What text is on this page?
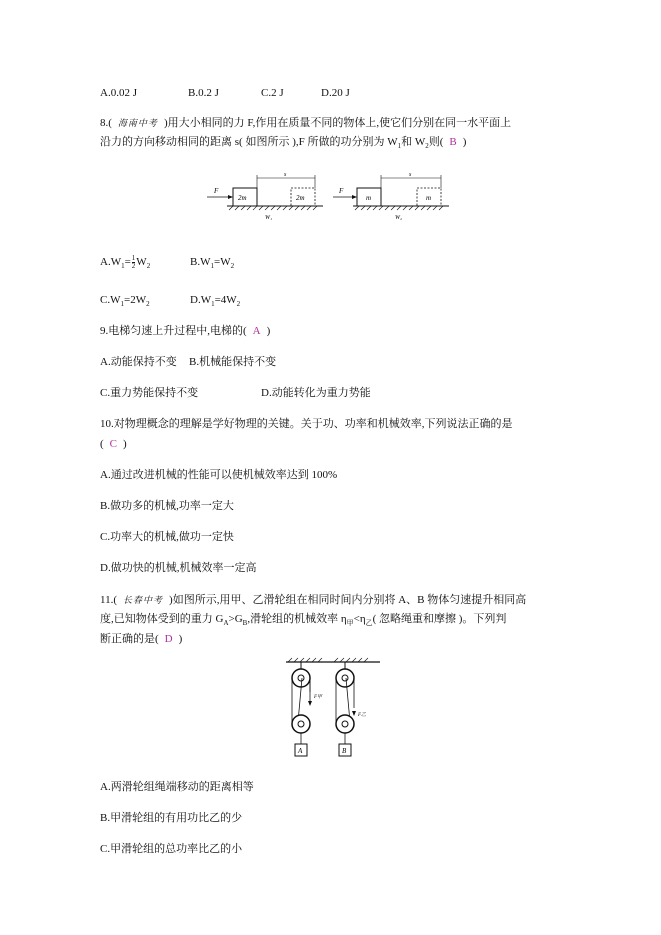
A.0.02 J	B.0.2 J	C.2 J	D.20 J
8.( 海南中考 )用大小相同的力 F,作用在质量不同的物体上,使它们分别在同一水平面上
沿力的方向移动相同的距离 s( 如图所示 ),F 所做的功分别为 $W_1$和 $W_2$则( B )
2m	2m
F
s
W₁
m	m
F
s
W₂
$A.W_1= \frac{1}{2} W_2$	$B.W_1=W_2$
$C.W_1=2W_2$	$D.W_1=4W_2$
9.电梯匀速上升过程中,电梯的( A )
A.动能保持不变 B.机械能保持不变
C.重力势能保持不变	D.动能转化为重力势能
10.对物理概念的理解是学好物理的关键。关于功、功率和机械效率,下列说法正确的是
( C )
A.通过改进机械的性能可以使机械效率达到 100%
B.做功多的机械,功率一定大
C.功率大的机械,做功一定快
D.做功快的机械,机械效率一定高
11.( 长春中考 )如图所示,用甲、乙滑轮组在相同时间内分别将 A、B 物体匀速提升相同高
度,已知物体受到的重力 $G_A>G_B$,滑轮组的机械效率 $\eta_甲<\eta_乙$( 忽略绳重和摩擦 )。下列判
断正确的是( D )
A
F甲
B
F乙
A.两滑轮组绳端移动的距离相等
B.甲滑轮组的有用功比乙的少
C.甲滑轮组的总功率比乙的小
